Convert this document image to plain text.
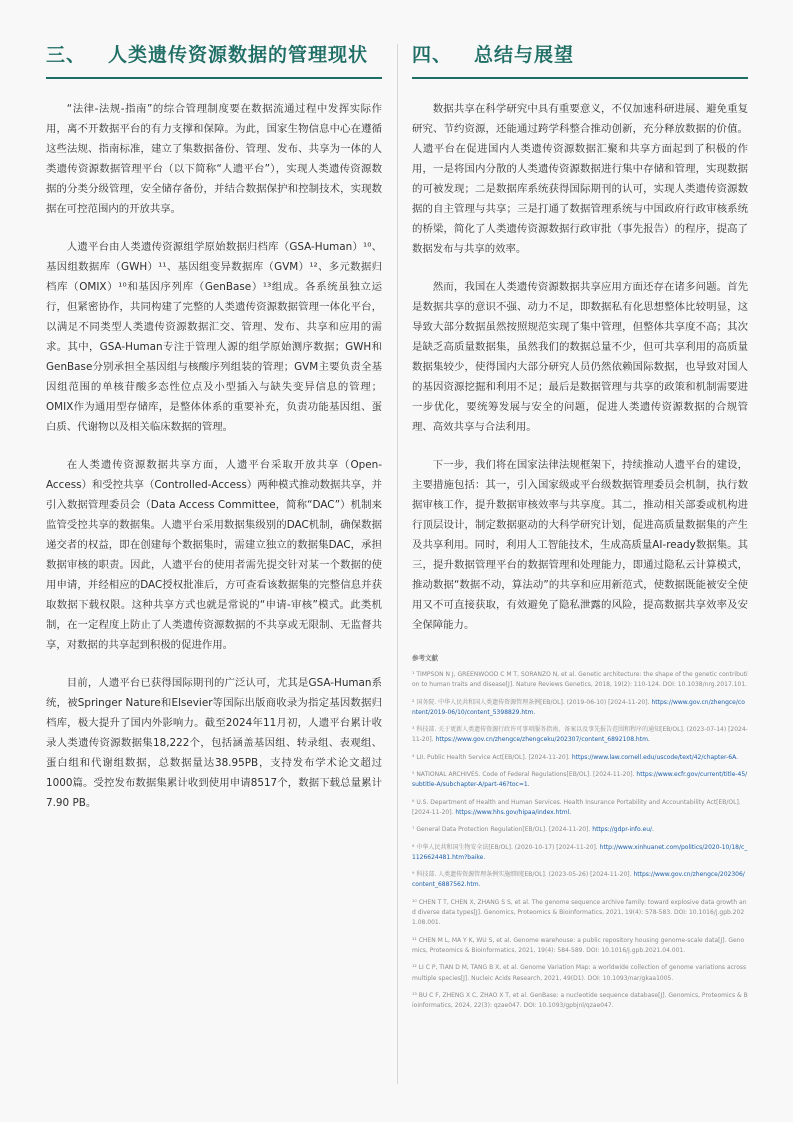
三、 人类遗传资源数据的管理现状

“法律-法规-指南”的综合管理制度要在数据流通过程中发挥实际作用，离不开数据平台的有力支撑和保障。为此，国家生物信息中心在遵循这些法规、指南标准，建立了集数据备份、管理、发布、共享为一体的人类遗传资源数据管理平台（以下简称“人遗平台”），实现人类遗传资源数据的分类分级管理，安全储存备份，并结合数据保护和控制技术，实现数据在可控范围内的开放共享。

人遗平台由人类遗传资源组学原始数据归档库（GSA-Human）¹⁰、基因组数据库（GWH）¹¹、基因组变异数据库（GVM）¹²、多元数据归档库（OMIX）¹⁰和基因序列库（GenBase）¹³组成。各系统虽独立运行，但紧密协作，共同构建了完整的人类遗传资源数据管理一体化平台，以满足不同类型人类遗传资源数据汇交、管理、发布、共享和应用的需求。其中，GSA-Human专注于管理人源的组学原始测序数据；GWH和GenBase分别承担全基因组与核酸序列组装的管理；GVM主要负责全基因组范围的单核苷酸多态性位点及小型插入与缺失变异信息的管理；OMIX作为通用型存储库，是整体体系的重要补充，负责功能基因组、蛋白质、代谢物以及相关临床数据的管理。

在人类遗传资源数据共享方面，人遗平台采取开放共享（Open-Access）和受控共享（Controlled-Access）两种模式推动数据共享，并引入数据管理委员会（Data Access Committee，简称“DAC”）机制来监管受控共享的数据集。人遗平台采用数据集级别的DAC机制，确保数据递交者的权益，即在创建每个数据集时，需建立独立的数据集DAC，承担数据审核的职责。因此，人遗平台的使用者需先提交针对某一个数据的使用申请，并经相应的DAC授权批准后，方可查看该数据集的完整信息并获取数据下载权限。这种共享方式也就是常说的“申请-审核”模式。此类机制，在一定程度上防止了人类遗传资源数据的不共享或无限制、无监督共享，对数据的共享起到积极的促进作用。

目前，人遗平台已获得国际期刊的广泛认可，尤其是GSA-Human系统，被Springer Nature和Elsevier等国际出版商收录为指定基因数据归档库，极大提升了国内外影响力。截至2024年11月初，人遗平台累计收录人类遗传资源数据集18,222个，包括涵盖基因组、转录组、表观组、蛋白组和代谢组数据，总数据量达38.95PB，支持发布学术论文超过1000篇。受控发布数据集累计收到使用申请8517个，数据下载总量累计7.90 PB。

四、 总结与展望

数据共享在科学研究中具有重要意义，不仅加速科研进展、避免重复研究、节约资源，还能通过跨学科整合推动创新，充分释放数据的价值。人遗平台在促进国内人类遗传资源数据汇聚和共享方面起到了积极的作用，一是将国内分散的人类遗传资源数据进行集中存储和管理，实现数据的可被发现；二是数据库系统获得国际期刊的认可，实现人类遗传资源数据的自主管理与共享；三是打通了数据管理系统与中国政府行政审核系统的桥梁，简化了人类遗传资源数据行政审批（事先报告）的程序，提高了数据发布与共享的效率。

然而，我国在人类遗传资源数据共享应用方面还存在诸多问题。首先是数据共享的意识不强、动力不足，即数据私有化思想整体比较明显，这导致大部分数据虽然按照规范实现了集中管理，但整体共享度不高；其次是缺乏高质量数据集，虽然我们的数据总量不少，但可共享利用的高质量数据集较少，使得国内大部分研究人员仍然依赖国际数据，也导致对国人的基因资源挖掘和利用不足；最后是数据管理与共享的政策和机制需要进一步优化，要统筹发展与安全的问题，促进人类遗传资源数据的合规管理、高效共享与合法利用。

下一步，我们将在国家法律法规框架下，持续推动人遗平台的建设，主要措施包括：其一，引入国家级或平台级数据管理委员会机制，执行数据审核工作，提升数据审核效率与共享度。其二，推动相关部委或机构进行顶层设计，制定数据驱动的大科学研究计划，促进高质量数据集的产生及共享利用。同时，利用人工智能技术，生成高质量AI-ready数据集。其三，提升数据管理平台的数据管理和处理能力，即通过隐私云计算模式，推动数据“数据不动，算法动”的共享和应用新范式，使数据既能被安全使用又不可直接获取，有效避免了隐私泄露的风险，提高数据共享效率及安全保障能力。

参考文献
¹ TIMPSON N J, GREENWOOD C M T, SORANZO N, et al. Genetic architecture: the shape of the genetic contribution to human traits and disease[J]. Nature Reviews Genetics, 2018, 19(2): 110-124. DOI: 10.1038/nrg.2017.101.
² 国务院. 中华人民共和国人类遗传资源管理条例[EB/OL]. (2019-06-10) [2024-11-20]. https://www.gov.cn/zhengce/content/2019-06/10/content_5398829.htm.
³ 科技部. 关于更新人类遗传资源行政许可事项服务指南、备案以及事先报告范围和程序的通知[EB/OL]. (2023-07-14) [2024-11-20]. https://www.gov.cn/zhengce/zhengceku/202307/content_6892108.htm.
⁴ LII. Public Health Service Act[EB/OL]. [2024-11-20]. https://www.law.cornell.edu/uscode/text/42/chapter-6A.
⁵ NATIONAL ARCHIVES. Code of Federal Regulations[EB/OL]. [2024-11-20]. https://www.ecfr.gov/current/title-45/subtitle-A/subchapter-A/part-46?toc=1.
⁶ U.S. Department of Health and Human Services. Health Insurance Portability and Accountability Act[EB/OL]. [2024-11-20]. https://www.hhs.gov/hipaa/index.html.
⁷ General Data Protection Regulation[EB/OL]. [2024-11-20]. https://gdpr-info.eu/.
⁸ 中华人民共和国生物安全法[EB/OL]. (2020-10-17) [2024-11-20]. http://www.xinhuanet.com/politics/2020-10/18/c_1126624481.htm?baike.
⁹ 科技部. 人类遗传资源管理条例实施细则[EB/OL]. (2023-05-26) [2024-11-20]. https://www.gov.cn/zhengce/202306/content_6887562.htm.
¹⁰ CHEN T T, CHEN X, ZHANG S S, et al. The genome sequence archive family: toward explosive data growth and diverse data types[J]. Genomics, Proteomics & Bioinformatics, 2021, 19(4): 578-583. DOI: 10.1016/j.gpb.2021.08.001.
¹¹ CHEN M L, MA Y K, WU S, et al. Genome warehouse: a public repository housing genome-scale data[J]. Genomics, Proteomics & Bioinformatics, 2021, 19(4): 584-589. DOI: 10.1016/j.gpb.2021.04.001.
¹² LI C P, TIAN D M, TANG B X, et al. Genome Variation Map: a worldwide collection of genome variations across multiple species[J]. Nucleic Acids Research, 2021, 49(D1). DOI: 10.1093/nar/gkaa1005.
¹³ BU C F, ZHENG X C, ZHAO X T, et al. GenBase: a nucleotide sequence database[J]. Genomics, Proteomics & Bioinformatics, 2024, 22(3): qzae047. DOI: 10.1093/gpbjnl/qzae047.
